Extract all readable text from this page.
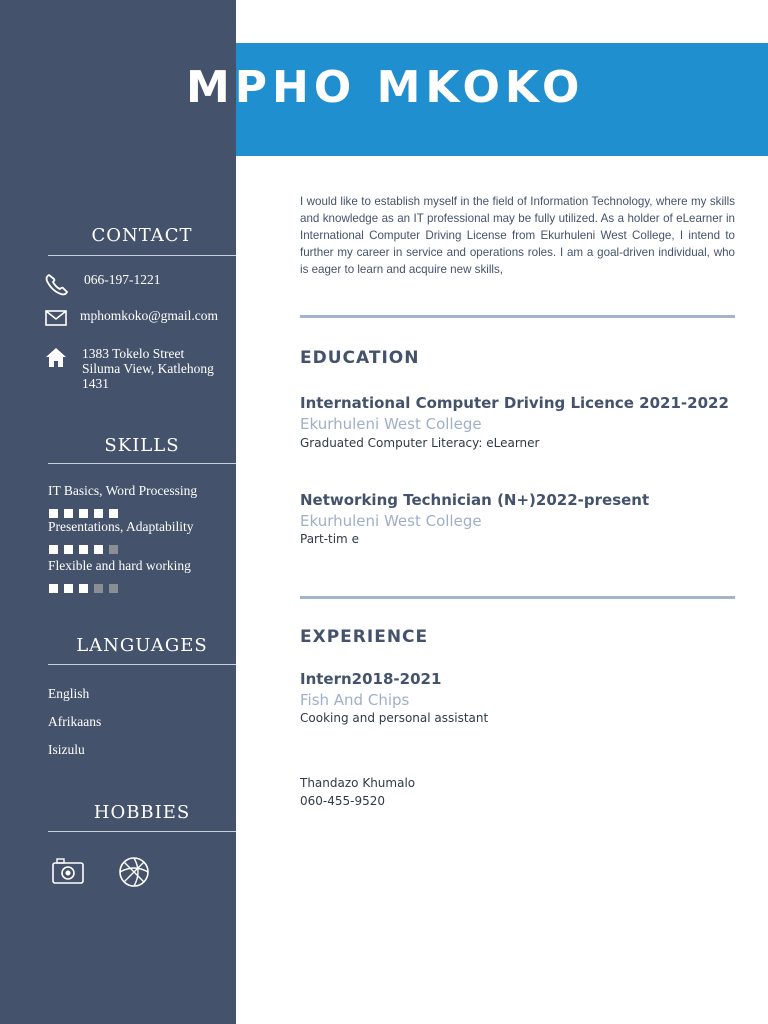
MPHO MKOKO
CONTACT
066-197-1221
mphomkoko@gmail.com
1383 Tokelo Street
Siluma View, Katlehong
1431
SKILLS
IT Basics, Word Processing
Presentations, Adaptability
Flexible and hard working
LANGUAGES
English
Afrikaans
Isizulu
HOBBIES
I would like to establish myself in the field of Information Technology, where my skills and knowledge as an IT professional may be fully utilized. As a holder of eLearner in International Computer Driving License from Ekurhuleni West College, I intend to further my career in service and operations roles. I am a goal-driven individual, who is eager to learn and acquire new skills,
EDUCATION
International Computer Driving Licence 2021-2022
Ekurhuleni West College
Graduated Computer Literacy: eLearner
Networking Technician (N+)2022-present
Ekurhuleni West College
Part-tim e
EXPERIENCE
Intern2018-2021
Fish And Chips
Cooking and personal assistant
Thandazo Khumalo
060-455-9520
